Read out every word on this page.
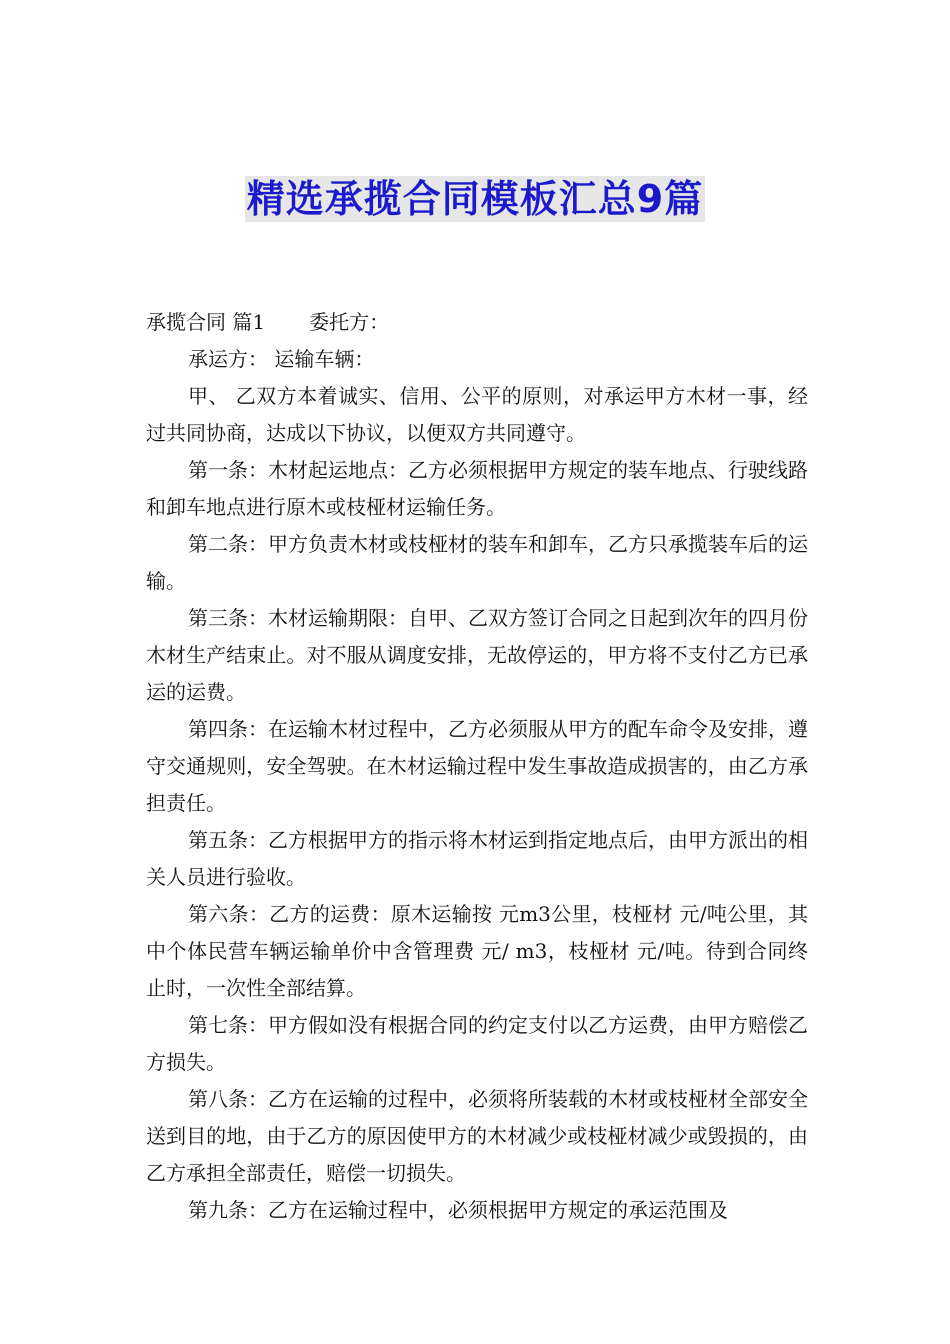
精选承揽合同模板汇总9篇

承揽合同 篇1 委托方：

承运方： 运输车辆：

甲、 乙双方本着诚实、信用、公平的原则，对承运甲方木材一事，经过共同协商，达成以下协议，以便双方共同遵守。

第一条：木材起运地点：乙方必须根据甲方规定的装车地点、行驶线路和卸车地点进行原木或枝桠材运输任务。

第二条：甲方负责木材或枝桠材的装车和卸车，乙方只承揽装车后的运输。

第三条：木材运输期限：自甲、乙双方签订合同之日起到次年的四月份木材生产结束止。对不服从调度安排，无故停运的，甲方将不支付乙方已承运的运费。

第四条：在运输木材过程中，乙方必须服从甲方的配车命令及安排，遵守交通规则，安全驾驶。在木材运输过程中发生事故造成损害的，由乙方承担责任。

第五条：乙方根据甲方的指示将木材运到指定地点后，由甲方派出的相关人员进行验收。

第六条：乙方的运费：原木运输按 元m3公里，枝桠材 元/吨公里，其中个体民营车辆运输单价中含管理费 元/ m3，枝桠材 元/吨。待到合同终止时，一次性全部结算。

第七条：甲方假如没有根据合同的约定支付以乙方运费，由甲方赔偿乙方损失。

第八条：乙方在运输的过程中，必须将所装载的木材或枝桠材全部安全送到目的地，由于乙方的原因使甲方的木材减少或枝桠材减少或毁损的，由乙方承担全部责任，赔偿一切损失。

第九条：乙方在运输过程中，必须根据甲方规定的承运范围及
